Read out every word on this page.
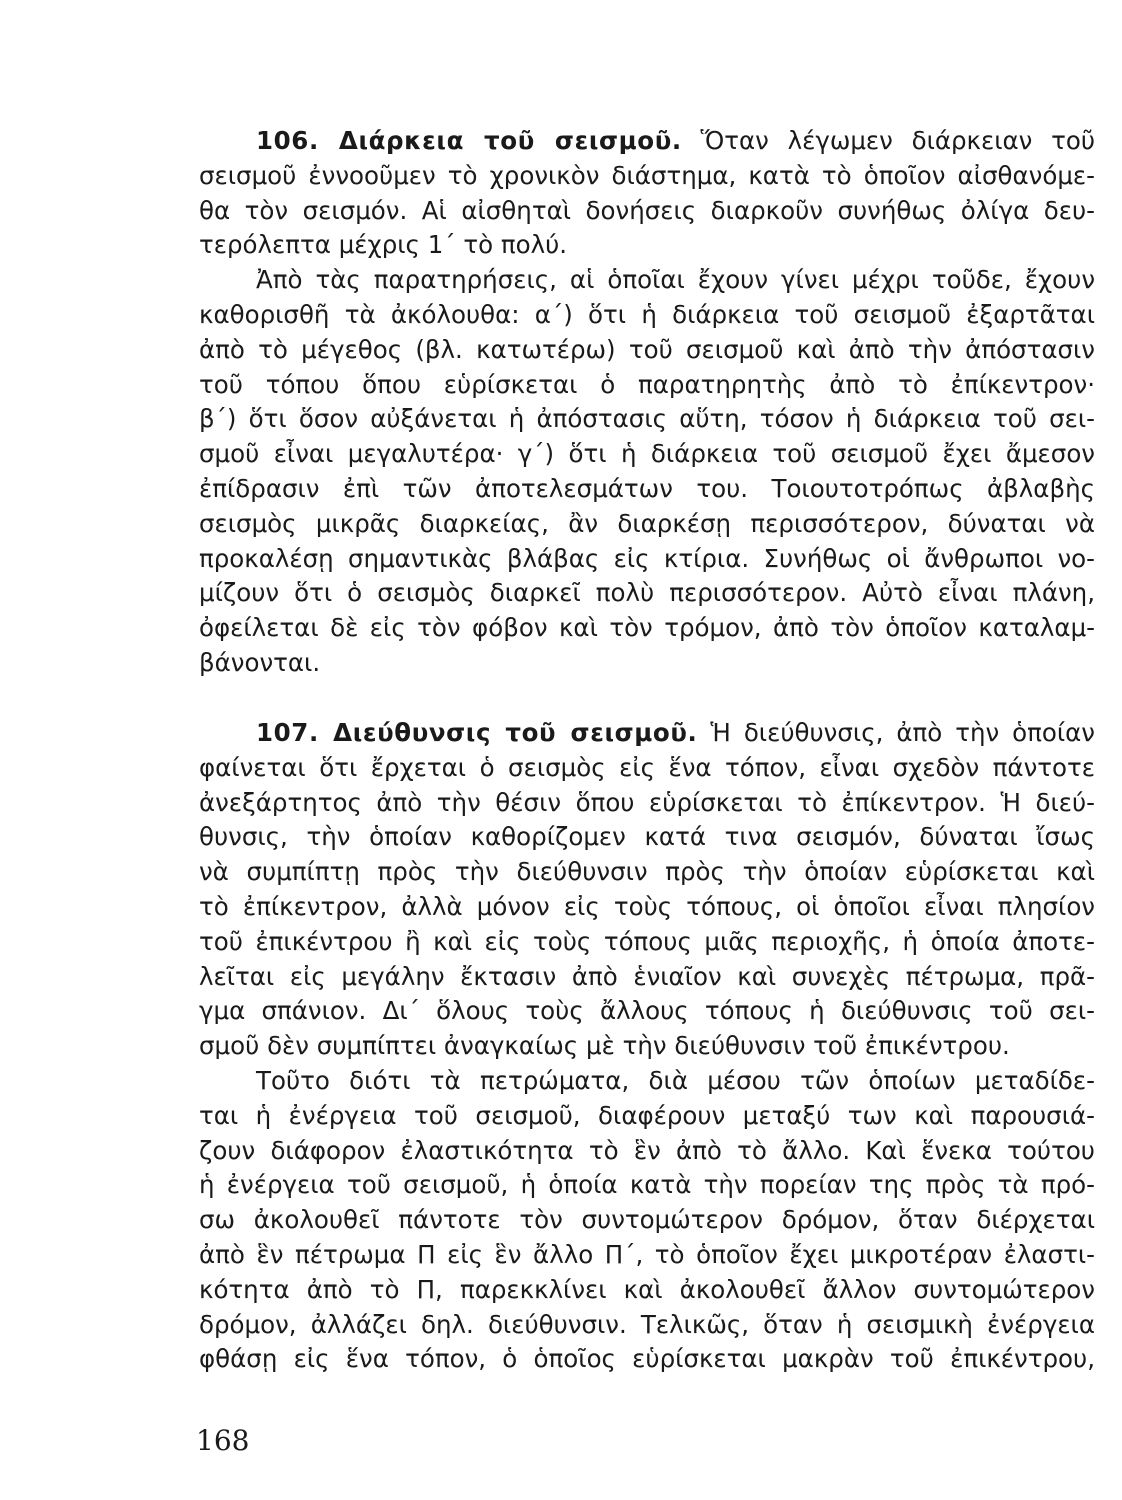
106. Διάρκεια τοῦ σεισμοῦ. Ὅταν λέγωμεν διάρκειαν τοῦ
σεισμοῦ ἐννοοῦμεν τὸ χρονικὸν διάστημα, κατὰ τὸ ὁποῖον αἰσθανόμε-
θα τὸν σεισμόν. Αἱ αἰσθηταὶ δονήσεις διαρκοῦν συνήθως ὀλίγα δευ-
τερόλεπτα μέχρις 1΄ τὸ πολύ.

Ἀπὸ τὰς παρατηρήσεις, αἱ ὁποῖαι ἔχουν γίνει μέχρι τοῦδε, ἔχουν
καθορισθῆ τὰ ἀκόλουθα: α΄) ὅτι ἡ διάρκεια τοῦ σεισμοῦ ἐξαρτᾶται
ἀπὸ τὸ μέγεθος (βλ. κατωτέρω) τοῦ σεισμοῦ καὶ ἀπὸ τὴν ἀπόστασιν
τοῦ τόπου ὅπου εὑρίσκεται ὁ παρατηρητὴς ἀπὸ τὸ ἐπίκεντρον·
β΄) ὅτι ὅσον αὐξάνεται ἡ ἀπόστασις αὕτη, τόσον ἡ διάρκεια τοῦ σει-
σμοῦ εἶναι μεγαλυτέρα· γ΄) ὅτι ἡ διάρκεια τοῦ σεισμοῦ ἔχει ἄμεσον
ἐπίδρασιν ἐπὶ τῶν ἀποτελεσμάτων του. Τοιουτοτρόπως ἀβλαβὴς
σεισμὸς μικρᾶς διαρκείας, ἂν διαρκέσῃ περισσότερον, δύναται νὰ
προκαλέσῃ σημαντικὰς βλάβας εἰς κτίρια. Συνήθως οἱ ἄνθρωποι νο-
μίζουν ὅτι ὁ σεισμὸς διαρκεῖ πολὺ περισσότερον. Αὐτὸ εἶναι πλάνη,
ὀφείλεται δὲ εἰς τὸν φόβον καὶ τὸν τρόμον, ἀπὸ τὸν ὁποῖον καταλαμ-
βάνονται.

107. Διεύθυνσις τοῦ σεισμοῦ. Ἡ διεύθυνσις, ἀπὸ τὴν ὁποίαν
φαίνεται ὅτι ἔρχεται ὁ σεισμὸς εἰς ἕνα τόπον, εἶναι σχεδὸν πάντοτε
ἀνεξάρτητος ἀπὸ τὴν θέσιν ὅπου εὑρίσκεται τὸ ἐπίκεντρον. Ἡ διεύ-
θυνσις, τὴν ὁποίαν καθορίζομεν κατά τινα σεισμόν, δύναται ἴσως
νὰ συμπίπτῃ πρὸς τὴν διεύθυνσιν πρὸς τὴν ὁποίαν εὑρίσκεται καὶ
τὸ ἐπίκεντρον, ἀλλὰ μόνον εἰς τοὺς τόπους, οἱ ὁποῖοι εἶναι πλησίον
τοῦ ἐπικέντρου ἢ καὶ εἰς τοὺς τόπους μιᾶς περιοχῆς, ἡ ὁποία ἀποτε-
λεῖται εἰς μεγάλην ἔκτασιν ἀπὸ ἑνιαῖον καὶ συνεχὲς πέτρωμα, πρᾶ-
γμα σπάνιον. Δι΄ ὅλους τοὺς ἄλλους τόπους ἡ διεύθυνσις τοῦ σει-
σμοῦ δὲν συμπίπτει ἀναγκαίως μὲ τὴν διεύθυνσιν τοῦ ἐπικέντρου.

Τοῦτο διότι τὰ πετρώματα, διὰ μέσου τῶν ὁποίων μεταδίδε-
ται ἡ ἐνέργεια τοῦ σεισμοῦ, διαφέρουν μεταξύ των καὶ παρουσιά-
ζουν διάφορον ἐλαστικότητα τὸ ἓν ἀπὸ τὸ ἄλλο. Καὶ ἕνεκα τούτου
ἡ ἐνέργεια τοῦ σεισμοῦ, ἡ ὁποία κατὰ τὴν πορείαν της πρὸς τὰ πρό-
σω ἀκολουθεῖ πάντοτε τὸν συντομώτερον δρόμον, ὅταν διέρχεται
ἀπὸ ἓν πέτρωμα Π εἰς ἓν ἄλλο Π΄, τὸ ὁποῖον ἔχει μικροτέραν ἐλαστι-
κότητα ἀπὸ τὸ Π, παρεκκλίνει καὶ ἀκολουθεῖ ἄλλον συντομώτερον
δρόμον, ἀλλάζει δηλ. διεύθυνσιν. Τελικῶς, ὅταν ἡ σεισμικὴ ἐνέργεια
φθάσῃ εἰς ἕνα τόπον, ὁ ὁποῖος εὑρίσκεται μακρὰν τοῦ ἐπικέντρου,

168
